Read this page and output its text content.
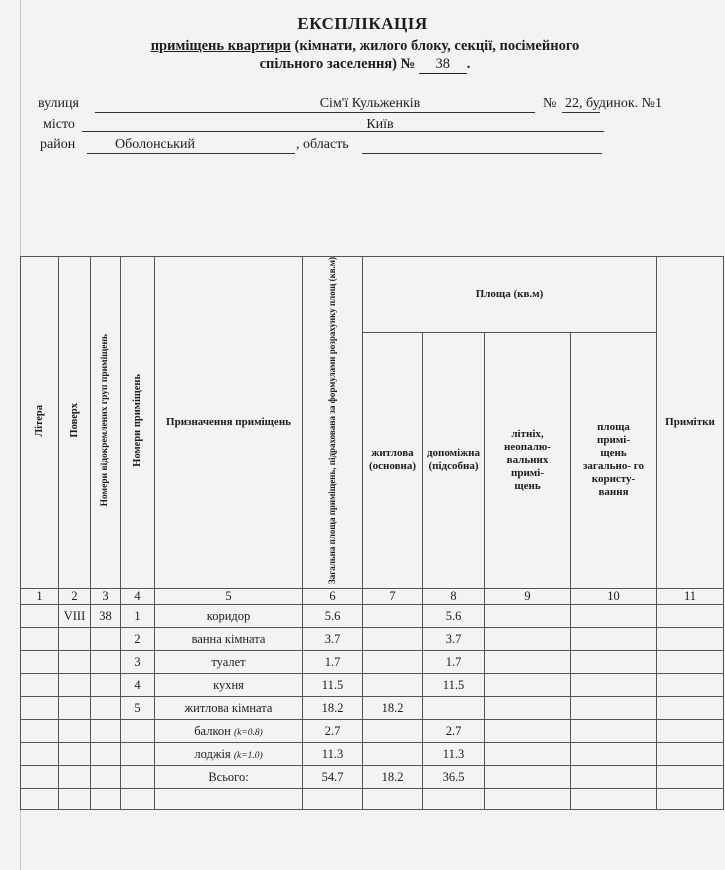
ЕКСПЛІКАЦІЯ
приміщень квартири (кімнати, жилого блоку, секції, посімейного
спільного заселення) № 38 .
вулиця	Сім'ї Кульженків	№ 22, будинок. №1
місто	Київ
район	Оболонський	, область
Літера	Поверх	Номери відокремлених груп приміщень	Номери приміщень	Призначення приміщень	Загальна площа приміщень, підрахована за формулами розрахунку площ (кв.м)	Площа (кв.м)				Примітки
						житлова (основна)	допоміжна (підсобна)	літніх, неопалю- вальних примі- щень	площа примі- щень загально- го користу- вання	
1	2	3	4	5	6	7	8	9	10	11
	VIII	38	1	коридор	5.6		5.6			
			2	ванна кімната	3.7		3.7			
			3	туалет	1.7		1.7			
			4	кухня	11.5		11.5			
			5	житлова кімната	18.2	18.2				
				балкон (k=0.8)	2.7		2.7			
				лоджія (k=1.0)	11.3		11.3			
				Всього:	54.7	18.2	36.5			
